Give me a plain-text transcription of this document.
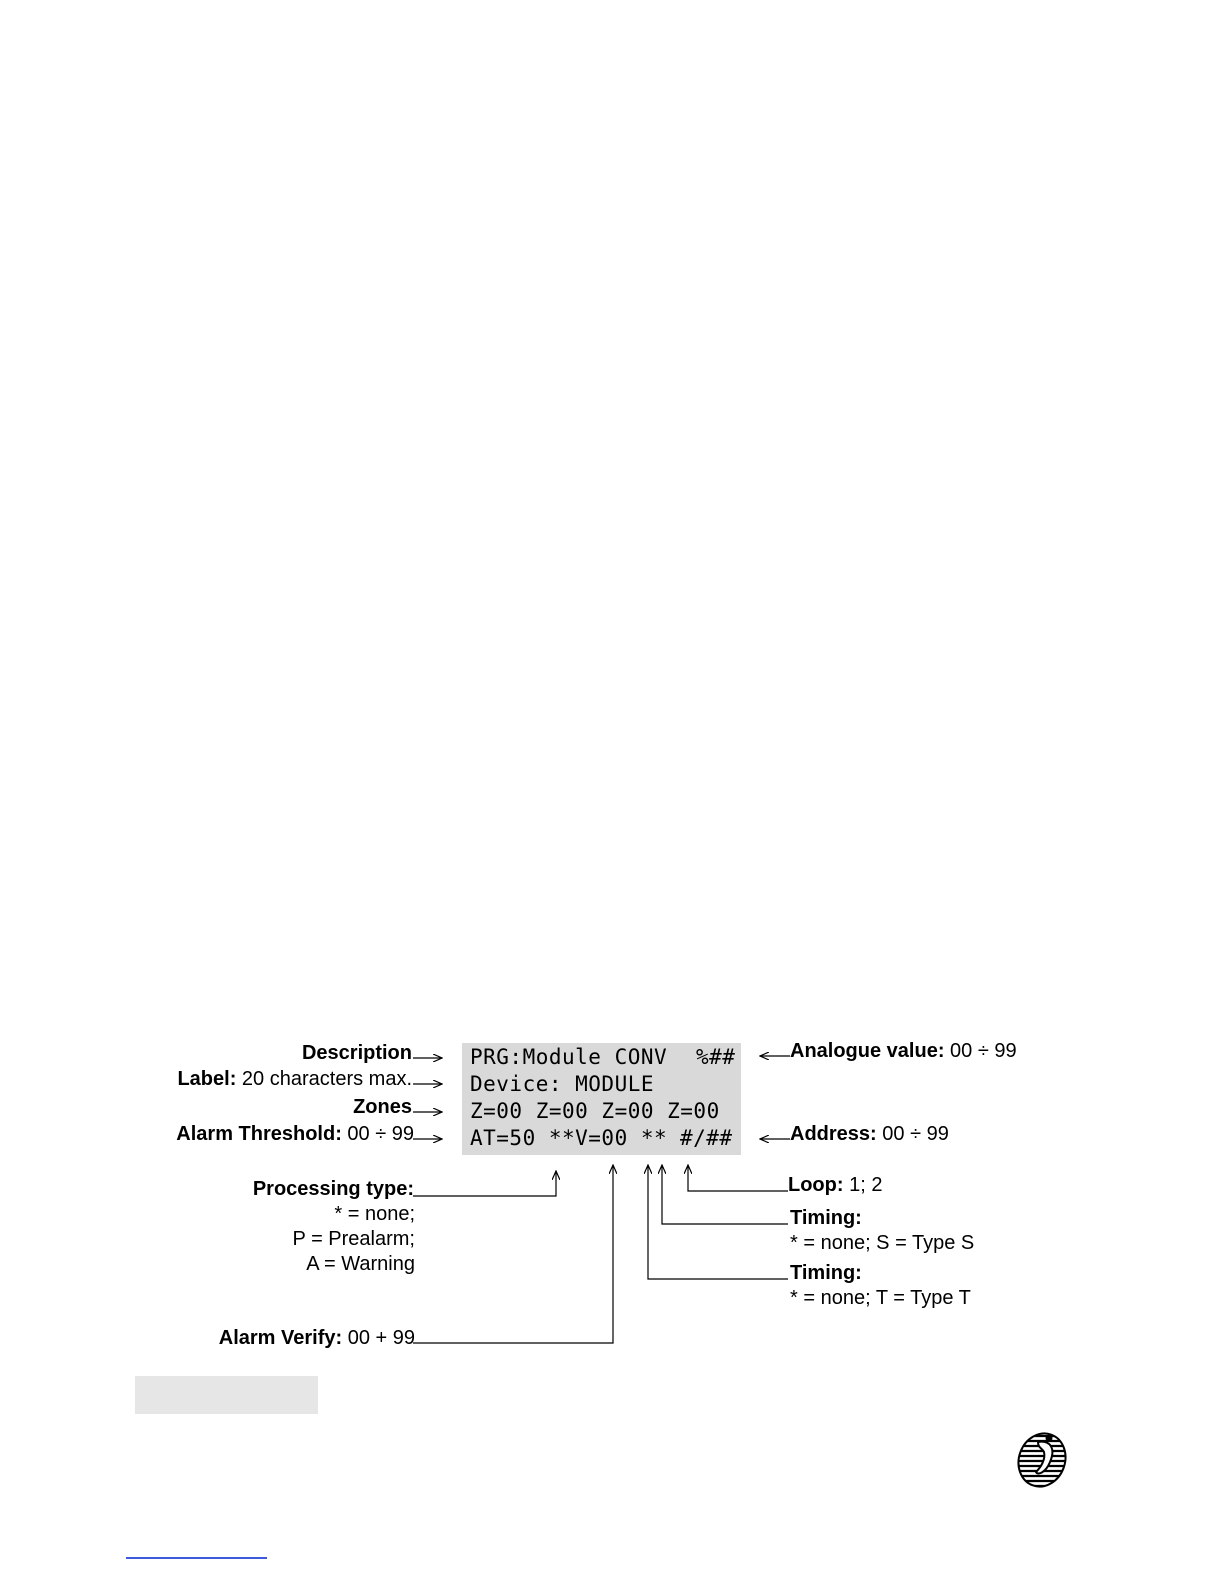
PRG:Module CONV %##
Device: MODULE
Z=00 Z=00 Z=00 Z=00
AT=50 **V=00 ** #/##
Description
Label: 20 characters max.
Zones
Alarm Threshold: 00 ÷ 99
Analogue value: 00 ÷ 99
Address: 00 ÷ 99
Processing type:
* = none;
P = Prealarm;
A = Warning
Loop: 1; 2
Timing:
* = none; S = Type S
Timing:
* = none; T = Type T
Alarm Verify: 00 + 99
